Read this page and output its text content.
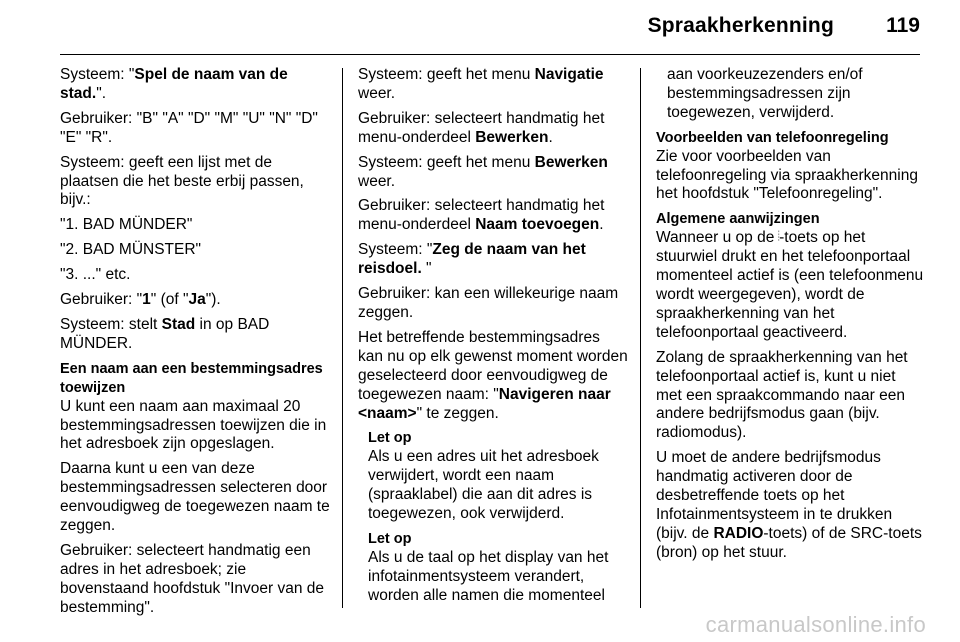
Spraakherkenning 119

Systeem: "Spel de naam van de stad.".

Gebruiker: "B" "A" "D" "M" "U" "N" "D" "E" "R".

Systeem: geeft een lijst met de plaatsen die het beste erbij passen, bijv.:

"1. BAD MÜNDER"

"2. BAD MÜNSTER"

"3. ..." etc.

Gebruiker: "1" (of "Ja").

Systeem: stelt Stad in op BAD MÜNDER.

Een naam aan een bestemmingsadres toewijzen

U kunt een naam aan maximaal 20 bestemmingsadressen toewijzen die in het adresboek zijn opgeslagen.

Daarna kunt u een van deze bestemmingsadressen selecteren door eenvoudigweg de toegewezen naam te zeggen.

Gebruiker: selecteert handmatig een adres in het adresboek; zie bovenstaand hoofdstuk "Invoer van de bestemming".

Systeem: geeft het menu Navigatie weer.

Gebruiker: selecteert handmatig het menu-onderdeel Bewerken.

Systeem: geeft het menu Bewerken weer.

Gebruiker: selecteert handmatig het menu-onderdeel Naam toevoegen.

Systeem: "Zeg de naam van het reisdoel. "

Gebruiker: kan een willekeurige naam zeggen.

Het betreffende bestemmingsadres kan nu op elk gewenst moment worden geselecteerd door eenvoudigweg de toegewezen naam: "Navigeren naar <naam>" te zeggen.

Let op

Als u een adres uit het adresboek verwijdert, wordt een naam (spraaklabel) die aan dit adres is toegewezen, ook verwijderd.

Let op

Als u de taal op het display van het infotainmentsysteem verandert, worden alle namen die momenteel

aan voorkeuzezenders en/of bestemmingsadressen zijn toegewezen, verwijderd.

Voorbeelden van telefoonregeling

Zie voor voorbeelden van telefoonregeling via spraakherkenning het hoofdstuk "Telefoonregeling".

Algemene aanwijzingen

Wanneer u op de 𝄄-toets op het stuurwiel drukt en het telefoonportaal momenteel actief is (een telefoonmenu wordt weergegeven), wordt de spraakherkenning van het telefoonportaal geactiveerd.

Zolang de spraakherkenning van het telefoonportaal actief is, kunt u niet met een spraakcommando naar een andere bedrijfsmodus gaan (bijv. radiomodus).

U moet de andere bedrijfsmodus handmatig activeren door de desbetreffende toets op het Infotainmentsysteem in te drukken (bijv. de RADIO-toets) of de SRC-toets (bron) op het stuur.

carmanualsonline.info
